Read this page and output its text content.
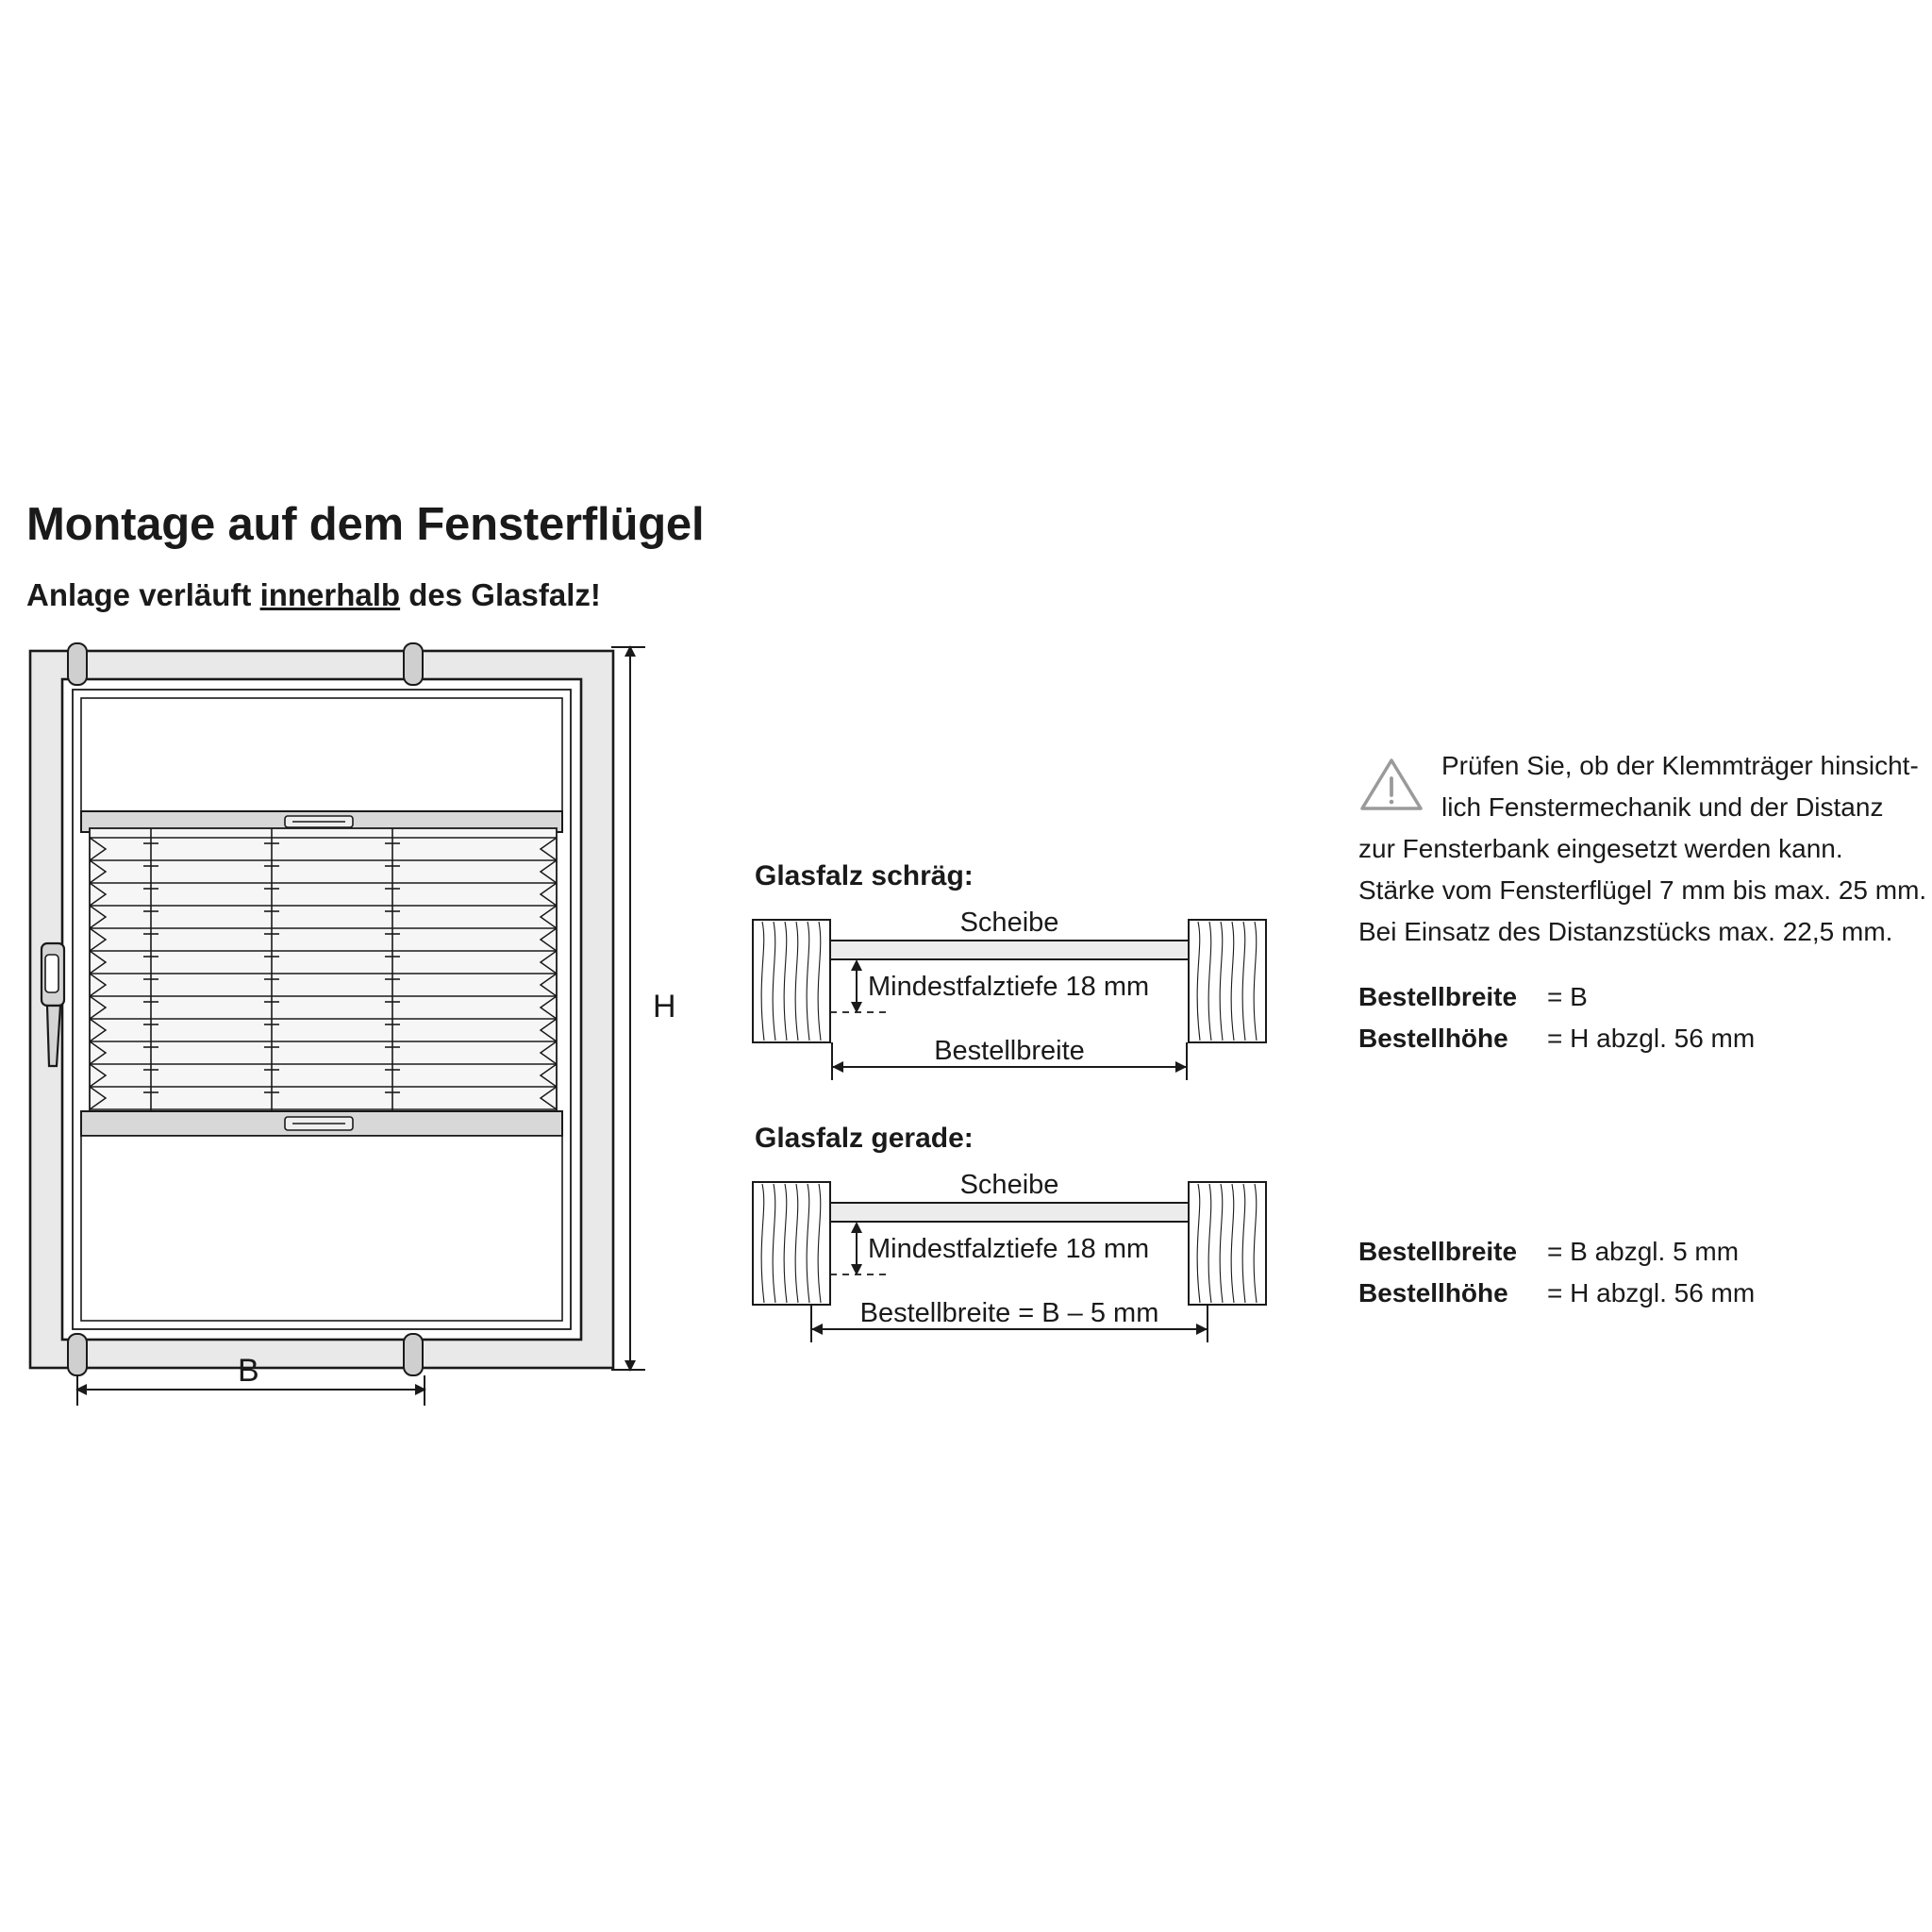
Montage auf dem Fensterflügel
Anlage verläuft innerhalb des Glasfalz!
H
B
Glasfalz schräg:
Scheibe
Mindestfalztiefe 18 mm
Bestellbreite
Glasfalz gerade:
Scheibe
Mindestfalztiefe 18 mm
Bestellbreite = B – 5 mm
Prüfen Sie, ob der Klemmträger hinsicht-
lich Fenstermechanik und der Distanz
zur Fensterbank eingesetzt werden kann.
Stärke vom Fensterflügel 7 mm bis max. 25 mm.
Bei Einsatz des Distanzstücks max. 22,5 mm.
Bestellbreite	= B
Bestellhöhe	= H abzgl. 56 mm
Bestellbreite	= B abzgl. 5 mm
Bestellhöhe	= H abzgl. 56 mm
